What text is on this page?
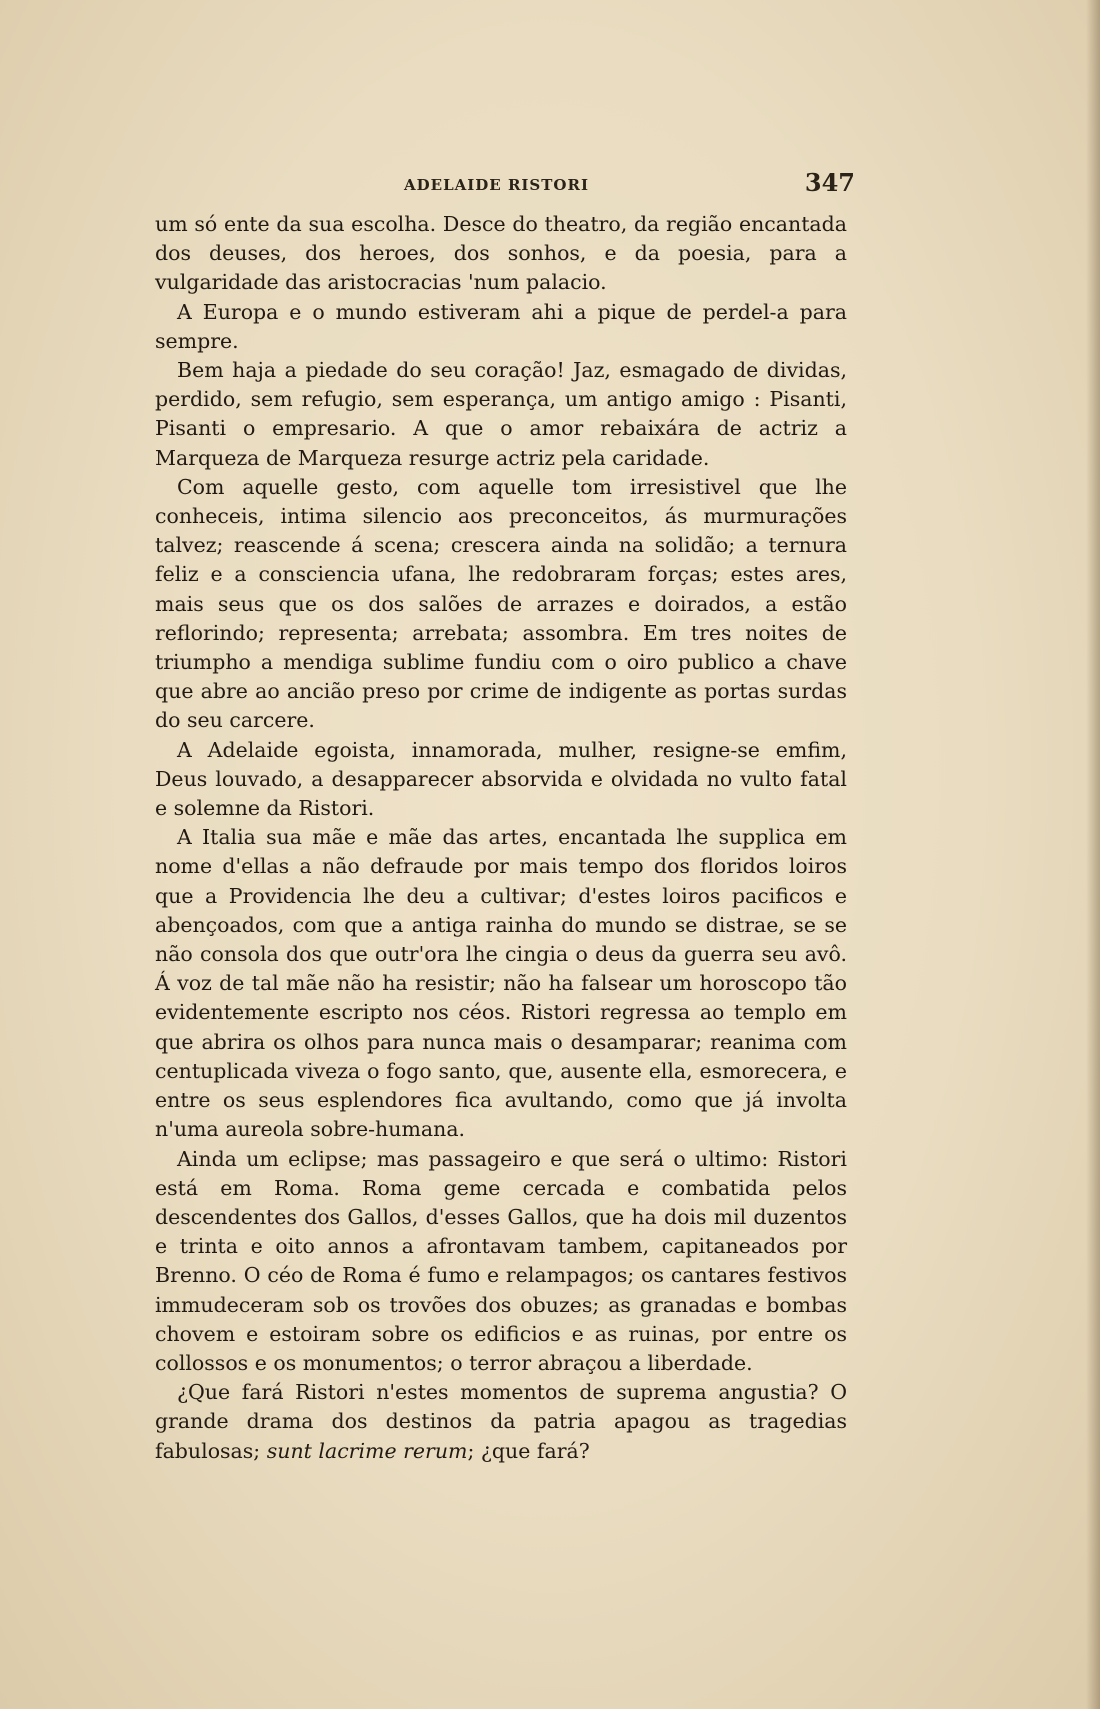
ADELAIDE RISTORI	347

um só ente da sua escolha. Desce do theatro, da região encantada dos deuses, dos heroes, dos sonhos, e da poesia, para a vulgaridade das aristocracias 'num palacio.

A Europa e o mundo estiveram ahi a pique de perdel-a para sempre.

Bem haja a piedade do seu coração! Jaz, esmagado de dividas, perdido, sem refugio, sem esperança, um antigo amigo : Pisanti, Pisanti o empresario. A que o amor rebaixára de actriz a Marqueza de Marqueza resurge actriz pela caridade.

Com aquelle gesto, com aquelle tom irresistivel que lhe conheceis, intima silencio aos preconceitos, ás murmurações talvez; reascende á scena; crescera ainda na solidão; a ternura feliz e a consciencia ufana, lhe redobraram forças; estes ares, mais seus que os dos salões de arrazes e doirados, a estão reflorindo; representa; arrebata; assombra. Em tres noites de triumpho a mendiga sublime fundiu com o oiro publico a chave que abre ao ancião preso por crime de indigente as portas surdas do seu carcere.

A Adelaide egoista, innamorada, mulher, resigne-se emfim, Deus louvado, a desapparecer absorvida e olvidada no vulto fatal e solemne da Ristori.

A Italia sua mãe e mãe das artes, encantada lhe supplica em nome d'ellas a não defraude por mais tempo dos floridos loiros que a Providencia lhe deu a cultivar; d'estes loiros pacificos e abençoados, com que a antiga rainha do mundo se distrae, se se não consola dos que outr'ora lhe cingia o deus da guerra seu avô. Á voz de tal mãe não ha resistir; não ha falsear um horoscopo tão evidentemente escripto nos céos. Ristori regressa ao templo em que abrira os olhos para nunca mais o desamparar; reanima com centuplicada viveza o fogo santo, que, ausente ella, esmorecera, e entre os seus esplendores fica avultando, como que já involta n'uma aureola sobre-humana.

Ainda um eclipse; mas passageiro e que será o ultimo: Ristori está em Roma. Roma geme cercada e combatida pelos descendentes dos Gallos, d'esses Gallos, que ha dois mil duzentos e trinta e oito annos a afrontavam tambem, capitaneados por Brenno. O céo de Roma é fumo e relampagos; os cantares festivos immudeceram sob os trovões dos obuzes; as granadas e bombas chovem e estoiram sobre os edificios e as ruinas, por entre os collossos e os monumentos; o terror abraçou a liberdade.

¿Que fará Ristori n'estes momentos de suprema angustia? O grande drama dos destinos da patria apagou as tragedias fabulosas; sunt lacrime rerum; ¿que fará?
